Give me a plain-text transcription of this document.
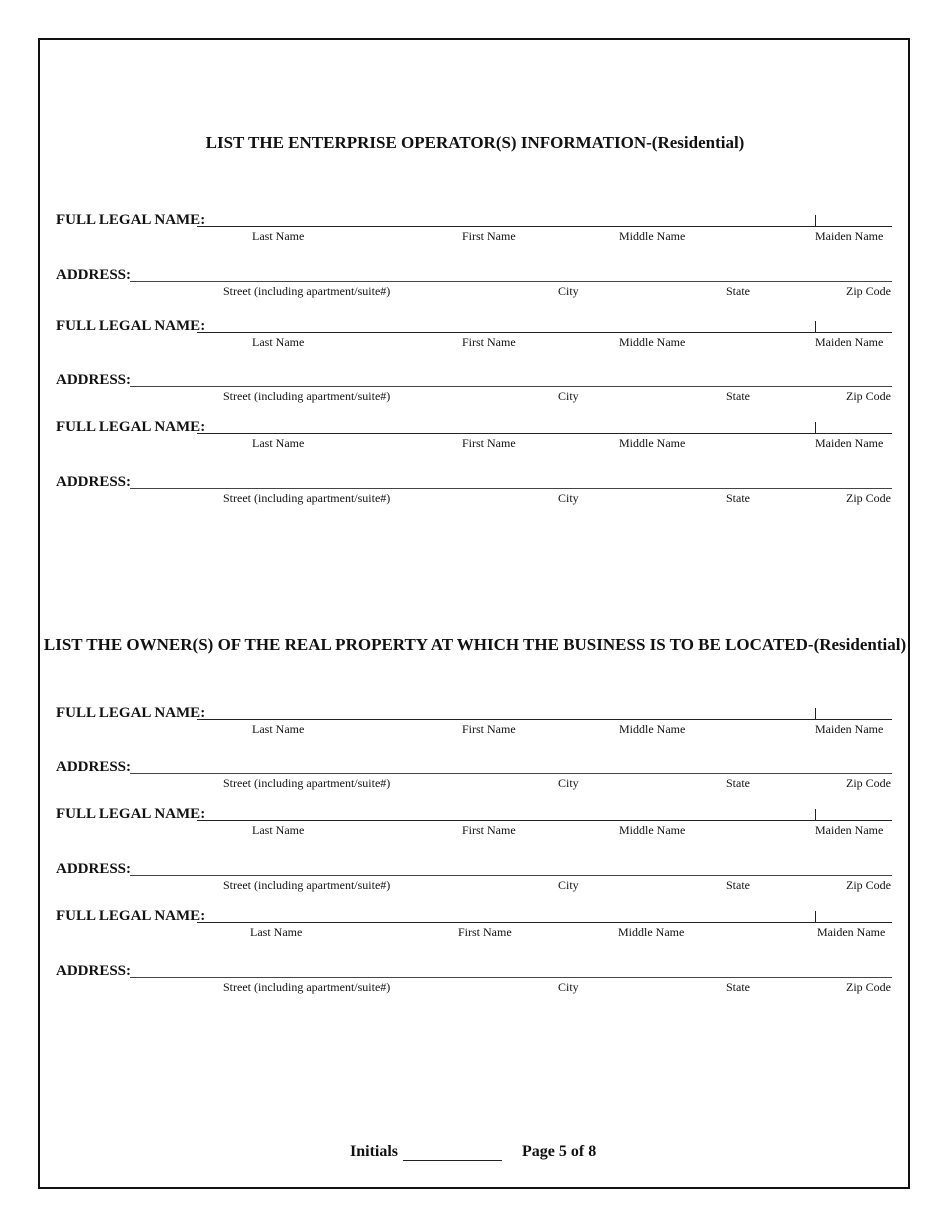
LIST THE ENTERPRISE OPERATOR(S) INFORMATION-(Residential)
FULL LEGAL NAME:
Last Name	First Name	Middle Name	Maiden Name
ADDRESS:
Street (including apartment/suite#)	City	State	Zip Code
FULL LEGAL NAME:
Last Name	First Name	Middle Name	Maiden Name
ADDRESS:
Street (including apartment/suite#)	City	State	Zip Code
FULL LEGAL NAME:
Last Name	First Name	Middle Name	Maiden Name
ADDRESS:
Street (including apartment/suite#)	City	State	Zip Code
LIST THE OWNER(S) OF THE REAL PROPERTY AT WHICH THE BUSINESS IS TO BE LOCATED-(Residential)
FULL LEGAL NAME:
Last Name	First Name	Middle Name	Maiden Name
ADDRESS:
Street (including apartment/suite#)	City	State	Zip Code
FULL LEGAL NAME:
Last Name	First Name	Middle Name	Maiden Name
ADDRESS:
Street (including apartment/suite#)	City	State	Zip Code
FULL LEGAL NAME:
Last Name	First Name	Middle Name	Maiden Name
ADDRESS:
Street (including apartment/suite#)	City	State	Zip Code
Initials	Page 5 of 8
